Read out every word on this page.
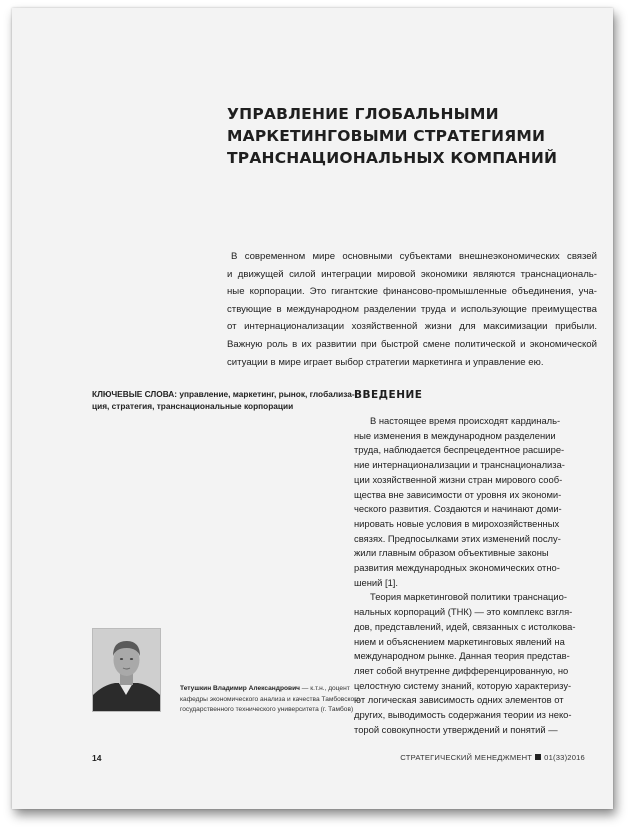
УПРАВЛЕНИЕ ГЛОБАЛЬНЫМИ
МАРКЕТИНГОВЫМИ СТРАТЕГИЯМИ
ТРАНСНАЦИОНАЛЬНЫХ КОМПАНИЙ
В современном мире основными субъектами внешнеэкономических связей
и движущей силой интеграции мировой экономики являются транснациональ-
ные корпорации. Это гигантские финансово-промышленные объединения, уча-
ствующие в международном разделении труда и использующие преимущества
от интернационализации хозяйственной жизни для максимизации прибыли.
Важную роль в их развитии при быстрой смене политической и экономической
ситуации в мире играет выбор стратегии маркетинга и управление ею.
КЛЮЧЕВЫЕ СЛОВА: управление, маркетинг, рынок, глобализа-
ция, стратегия, транснациональные корпорации
ВВЕДЕНИЕ
В настоящее время происходят кардиналь-
ные изменения в международном разделении
труда, наблюдается беспрецедентное расшире-
ние интернационализации и транснационализа-
ции хозяйственной жизни стран мирового сооб-
щества вне зависимости от уровня их экономи-
ческого развития. Создаются и начинают доми-
нировать новые условия в мирохозяйственных
связях. Предпосылками этих изменений послу-
жили главным образом объективные законы
развития международных экономических отно-
шений [1].
Теория маркетинговой политики транснацио-
нальных корпораций (ТНК) — это комплекс взгля-
дов, представлений, идей, связанных с истолкова-
нием и объяснением маркетинговых явлений на
международном рынке. Данная теория представ-
ляет собой внутренне дифференцированную, но
целостную систему знаний, которую характеризу-
ют логическая зависимость одних элементов от
других, выводимость содержания теории из неко-
торой совокупности утверждений и понятий —
Тетушкин Владимир Александрович — к.т.н., доцент
кафедры экономического анализа и качества Тамбовского
государственного технического университета (г. Тамбов)
14	СТРАТЕГИЧЕСКИЙ МЕНЕДЖМЕНТ 01(33)2016
